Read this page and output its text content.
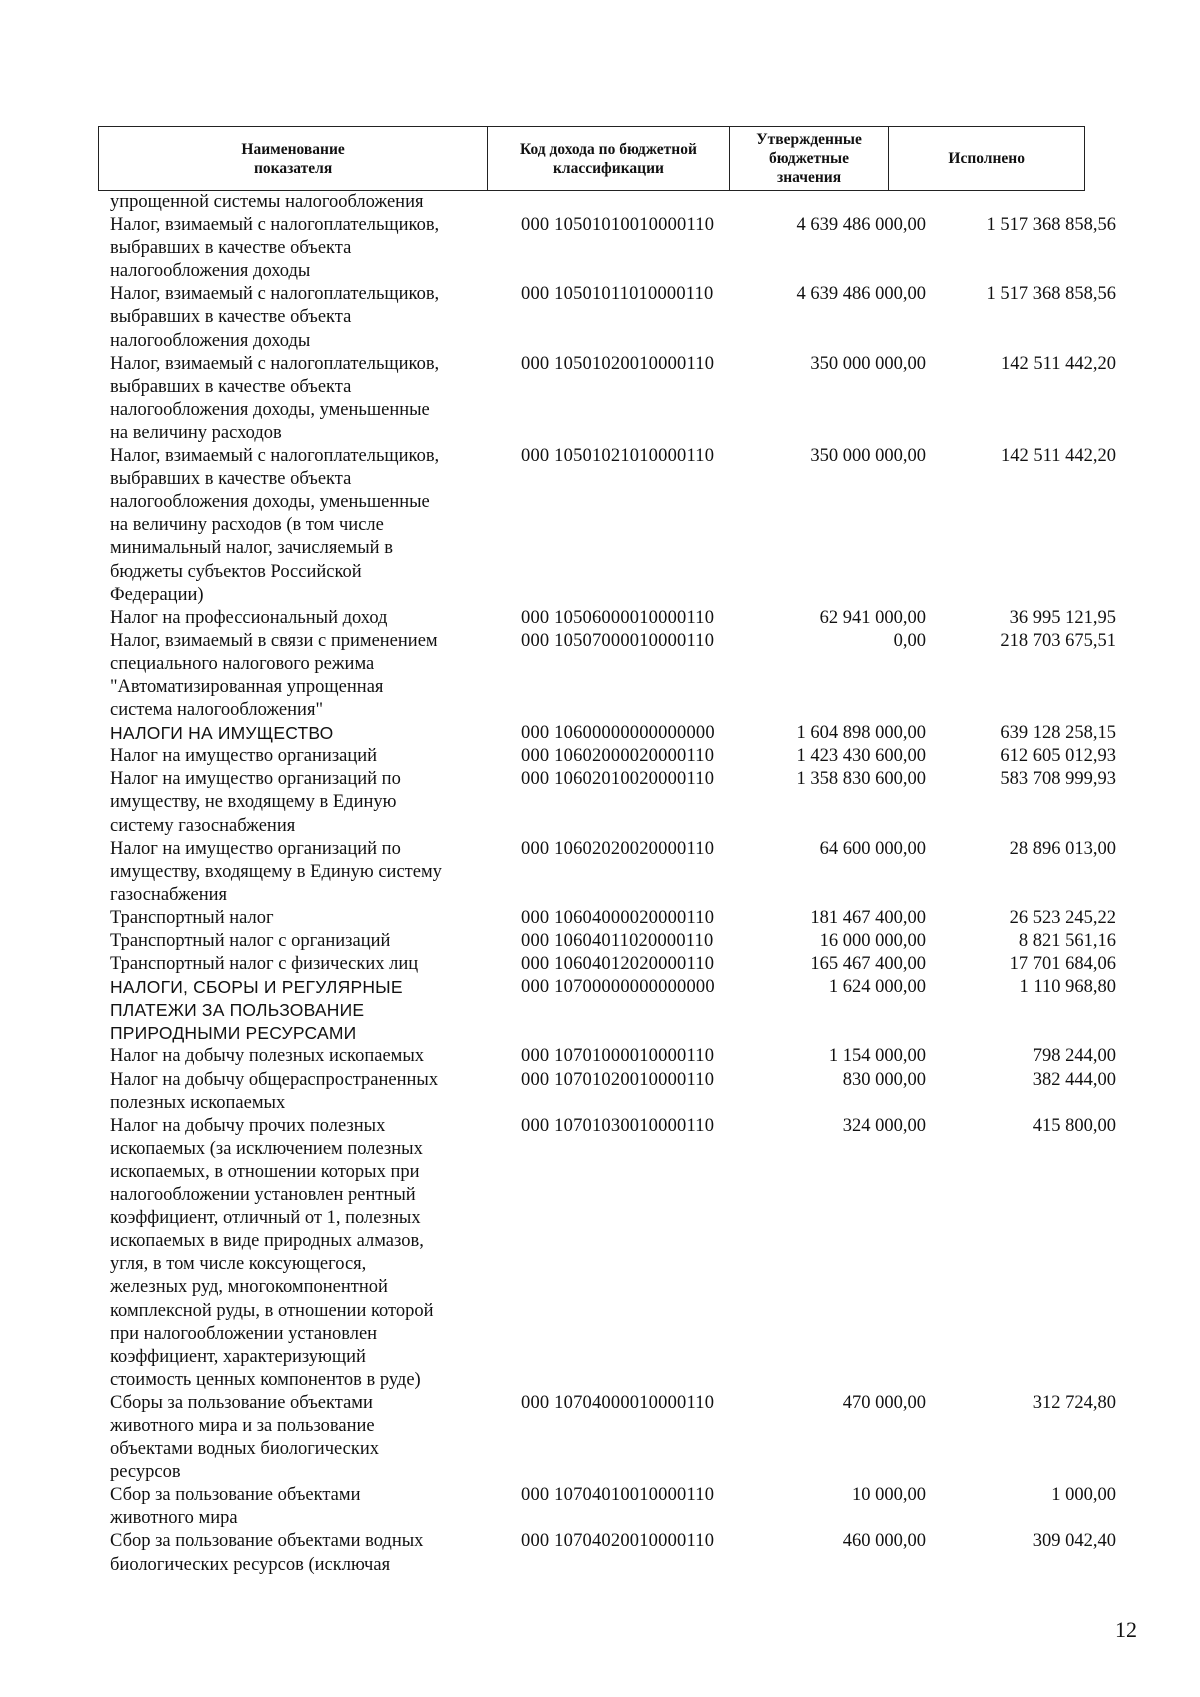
Наименование
показателя
Код дохода по бюджетной
классификации
Утвержденные
бюджетные
значения
Исполнено
упрощенной системы налогообложения
Налог, взимаемый с налогоплательщиков,
выбравших в качестве объекта
налогообложения доходы
000 10501010010000110	4 639 486 000,00	1 517 368 858,56
Налог, взимаемый с налогоплательщиков,
выбравших в качестве объекта
налогообложения доходы
000 10501011010000110	4 639 486 000,00	1 517 368 858,56
Налог, взимаемый с налогоплательщиков,
выбравших в качестве объекта
налогообложения доходы, уменьшенные
на величину расходов
000 10501020010000110	350 000 000,00	142 511 442,20
Налог, взимаемый с налогоплательщиков,
выбравших в качестве объекта
налогообложения доходы, уменьшенные
на величину расходов (в том числе
минимальный налог, зачисляемый в
бюджеты субъектов Российской
Федерации)
000 10501021010000110	350 000 000,00	142 511 442,20
Налог на профессиональный доход	000 10506000010000110	62 941 000,00	36 995 121,95
Налог, взимаемый в связи с применением
специального налогового режима
"Автоматизированная упрощенная
система налогообложения"
000 10507000010000110	0,00	218 703 675,51
НАЛОГИ НА ИМУЩЕСТВО	000 10600000000000000	1 604 898 000,00	639 128 258,15
Налог на имущество организаций	000 10602000020000110	1 423 430 600,00	612 605 012,93
Налог на имущество организаций по
имуществу, не входящему в Единую
систему газоснабжения
000 10602010020000110	1 358 830 600,00	583 708 999,93
Налог на имущество организаций по
имуществу, входящему в Единую систему
газоснабжения
000 10602020020000110	64 600 000,00	28 896 013,00
Транспортный налог	000 10604000020000110	181 467 400,00	26 523 245,22
Транспортный налог с организаций	000 10604011020000110	16 000 000,00	8 821 561,16
Транспортный налог с физических лиц	000 10604012020000110	165 467 400,00	17 701 684,06
НАЛОГИ, СБОРЫ И РЕГУЛЯРНЫЕ
ПЛАТЕЖИ ЗА ПОЛЬЗОВАНИЕ
ПРИРОДНЫМИ РЕСУРСАМИ
000 10700000000000000	1 624 000,00	1 110 968,80
Налог на добычу полезных ископаемых	000 10701000010000110	1 154 000,00	798 244,00
Налог на добычу общераспространенных
полезных ископаемых
000 10701020010000110	830 000,00	382 444,00
Налог на добычу прочих полезных
ископаемых (за исключением полезных
ископаемых, в отношении которых при
налогообложении установлен рентный
коэффициент, отличный от 1, полезных
ископаемых в виде природных алмазов,
угля, в том числе коксующегося,
железных руд, многокомпонентной
комплексной руды, в отношении которой
при налогообложении установлен
коэффициент, характеризующий
стоимость ценных компонентов в руде)
000 10701030010000110	324 000,00	415 800,00
Сборы за пользование объектами
животного мира и за пользование
объектами водных биологических
ресурсов
000 10704000010000110	470 000,00	312 724,80
Сбор за пользование объектами
животного мира
000 10704010010000110	10 000,00	1 000,00
Сбор за пользование объектами водных
биологических ресурсов (исключая
000 10704020010000110	460 000,00	309 042,40
12
